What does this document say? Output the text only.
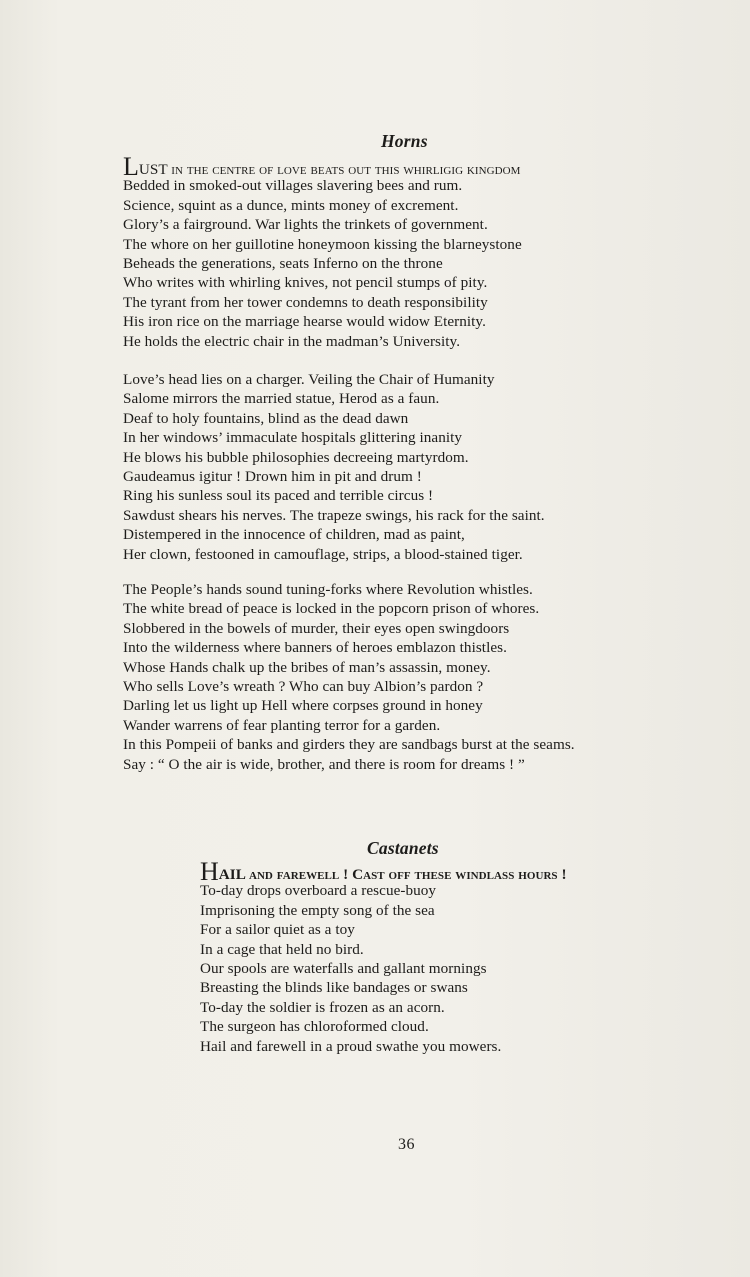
Horns
LUST in the centre of love beats out this whirligig kingdom
Bedded in smoked-out villages slavering bees and rum.
Science, squint as a dunce, mints money of excrement.
Glory’s a fairground. War lights the trinkets of government.
The whore on her guillotine honeymoon kissing the blarneystone
Beheads the generations, seats Inferno on the throne
Who writes with whirling knives, not pencil stumps of pity.
The tyrant from her tower condemns to death responsibility
His iron rice on the marriage hearse would widow Eternity.
He holds the electric chair in the madman’s University.
Love’s head lies on a charger. Veiling the Chair of Humanity
Salome mirrors the married statue, Herod as a faun.
Deaf to holy fountains, blind as the dead dawn
In her windows’ immaculate hospitals glittering inanity
He blows his bubble philosophies decreeing martyrdom.
Gaudeamus igitur ! Drown him in pit and drum !
Ring his sunless soul its paced and terrible circus !
Sawdust shears his nerves. The trapeze swings, his rack for the saint.
Distempered in the innocence of children, mad as paint,
Her clown, festooned in camouflage, strips, a blood-stained tiger.
The People’s hands sound tuning-forks where Revolution whistles.
The white bread of peace is locked in the popcorn prison of whores.
Slobbered in the bowels of murder, their eyes open swingdoors
Into the wilderness where banners of heroes emblazon thistles.
Whose Hands chalk up the bribes of man’s assassin, money.
Who sells Love’s wreath ? Who can buy Albion’s pardon ?
Darling let us light up Hell where corpses ground in honey
Wander warrens of fear planting terror for a garden.
In this Pompeii of banks and girders they are sandbags burst at the seams.
Say : “ O the air is wide, brother, and there is room for dreams ! ”
Castanets
HAIL and farewell ! Cast off these windlass hours !
To-day drops overboard a rescue-buoy
Imprisoning the empty song of the sea
For a sailor quiet as a toy
In a cage that held no bird.
Our spools are waterfalls and gallant mornings
Breasting the blinds like bandages or swans
To-day the soldier is frozen as an acorn.
The surgeon has chloroformed cloud.
Hail and farewell in a proud swathe you mowers.
36
